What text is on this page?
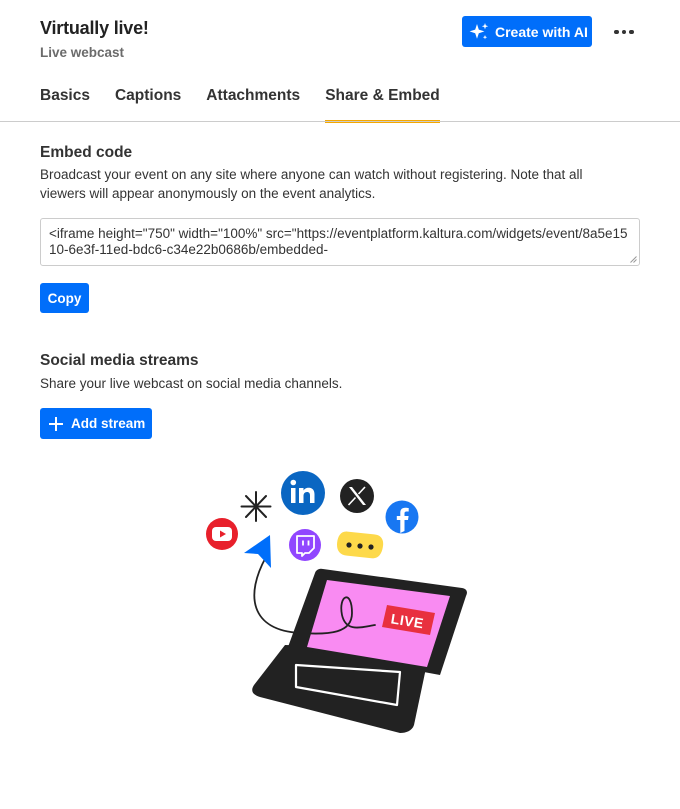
Virtually live!
Live webcast
Create with AI
Basics Captions Attachments Share & Embed
Embed code
Broadcast your event on any site where anyone can watch without registering. Note that all viewers will appear anonymously on the event analytics.
<iframe height="750" width="100%" src="https://eventplatform.kaltura.com/widgets/event/8a5e1510-6e3f-11ed-bdc6-c34e22b0686b/embedded-
Copy
Social media streams
Share your live webcast on social media channels.
Add stream
LIVE
